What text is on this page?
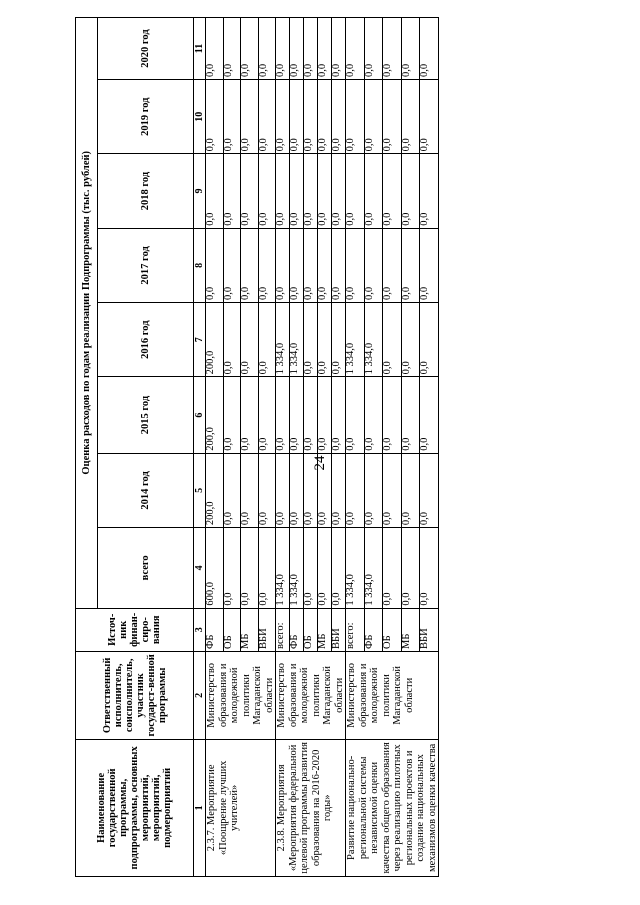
24
Наименование государственной программы, подпрограммы, основных мероприятий, мероприятий, подмероприятий	Ответственный исполнитель, соисполнитель, участник государст-венной программы	Источ-ник финан-сиро-вания	Оценка расходов по годам реализации Подпрограммы (тыс. рублей)							
			всего	2014 год	2015 год	2016 год	2017 год	2018 год	2019 год	2020 год
1	2	3	4	5	6	7	8	9	10	11
2.3.7. Мероприятие «Поощрение лучших учителей»	Министерство образования и молодежной политики Магаданской области	ФБ	600,0	200,0	200,0	200,0	0,0	0,0	0,0	0,0
		ОБ	0,0	0,0	0,0	0,0	0,0	0,0	0,0	0,0
		МБ	0,0	0,0	0,0	0,0	0,0	0,0	0,0	0,0
		ВБИ	0,0	0,0	0,0	0,0	0,0	0,0	0,0	0,0
2.3.8. Мероприятия «Мероприятия федеральной целевой программы развития образования на 2016-2020 годы»	Министерство образования и молодежной политики Магаданской области	всего:	1 334,0	0,0	0,0	1 334,0	0,0	0,0	0,0	0,0
		ФБ	1 334,0	0,0	0,0	1 334,0	0,0	0,0	0,0	0,0
		ОБ	0,0	0,0	0,0	0,0	0,0	0,0	0,0	0,0
		МБ	0,0	0,0	0,0	0,0	0,0	0,0	0,0	0,0
		ВБИ	0,0	0,0	0,0	0,0	0,0	0,0	0,0	0,0
Развитие национально-региональной системы независимой оценки качества общего образования через реализацию пилотных региональных проектов и создание национальных механизмов оценки качества	Министерство образования и молодежной политики Магаданской области	всего:	1 334,0	0,0	0,0	1 334,0	0,0	0,0	0,0	0,0
		ФБ	1 334,0	0,0	0,0	1 334,0	0,0	0,0	0,0	0,0
		ОБ	0,0	0,0	0,0	0,0	0,0	0,0	0,0	0,0
		МБ	0,0	0,0	0,0	0,0	0,0	0,0	0,0	0,0
		ВБИ	0,0	0,0	0,0	0,0	0,0	0,0	0,0	0,0
